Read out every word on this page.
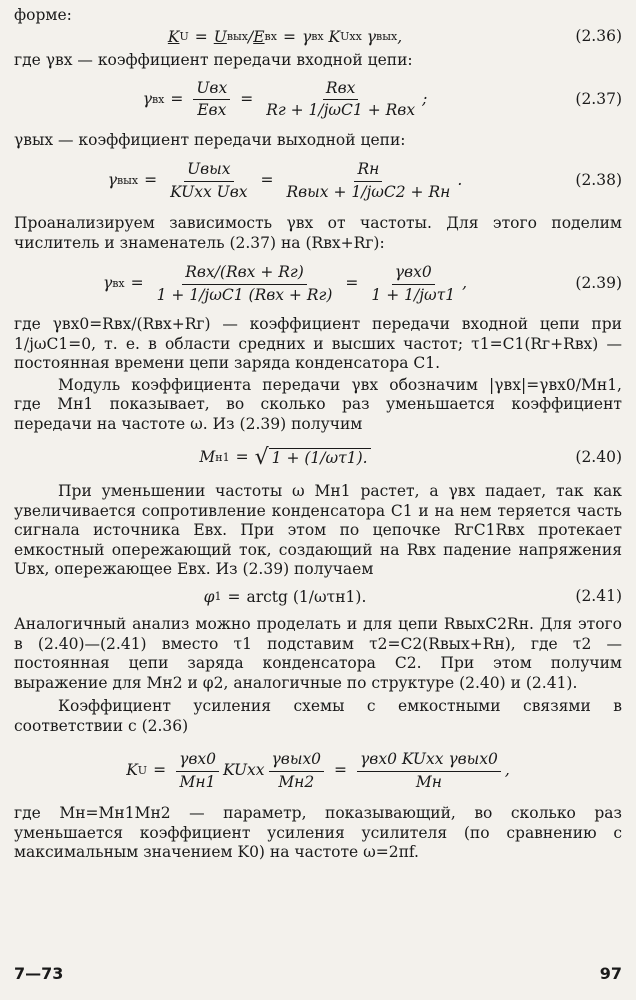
форме:

K U = U вых / E вх = γ вх
K Uхх
γ вых ,	(2.36)

где γвх — коэффициент передачи входной цепи:

γ вх = $\frac{\text{Uвх}}{\text{Eвх}} = \frac{\text{Rвх}}{\text{Rг + 1/jωC1 + Rвх}}$ ;	(2.37)

γвых — коэффициент передачи выходной цепи:

γ вых = $\frac{\text{Uвых}}{\text{KUхх Uвх}} = \frac{Rн}{\text{Rвых + 1/jωC2 + Rн}}$ .	(2.38)

Проанализируем зависимость γвх от частоты. Для этого поделим числитель и знаменатель (2.37) на (Rвх+Rг):

γ вх = $\frac{\text{Rвх/(Rвх + Rг)}}{\text{1 + 1/jωC1 (Rвх + Rг)}} = \frac{\text{γвх0}}{\text{1 + 1/jωτ1}}$ ,	(2.39)

где γвх0=Rвх/(Rвх+Rг) — коэффициент передачи входной цепи при 1/jωC1=0, т. е. в области средних и высших частот; τ1=C1(Rг+Rвх) — постоянная времени цепи заряда конденсатора C1.

Модуль коэффициента передачи γвх обозначим |γвх|=γвх0/Mн1, где Mн1 показывает, во сколько раз уменьшается коэффициент передачи на частоте ω. Из (2.39) получим

M н1 = √ 1 + (1/ωτ1).	(2.40)

При уменьшении частоты ω Mн1 растет, а γвх падает, так как увеличивается сопротивление конденсатора C1 и на нем теряется часть сигнала источника Eвх. При этом по цепочке RгC1Rвх протекает емкостный опережающий ток, создающий на Rвх падение напряжения Uвх, опережающее Eвх. Из (2.39) получаем

φ 1 = arctg (1/ωτн1).	(2.41)

Аналогичный анализ можно проделать и для цепи RвыхC2Rн. Для этого в (2.40)—(2.41) вместо τ1 подставим τ2=C2(Rвых+Rн), где τ2 — постоянная цепи заряда конденсатора C2. При этом получим выражение для Mн2 и φ2, аналогичные по структуре (2.40) и (2.41).

Коэффициент усиления схемы с емкостными связями в соответствии с (2.36)

K $U = \frac{\text{γвх0}}{Mн1}$ KUхх $\frac{\text{γвых0}}{Mн2} = \frac{\text{γвх0 KUхх γвых0}}{Mн}$ ,

где Mн=Mн1Mн2 — параметр, показывающий, во сколько раз уменьшается коэффициент усиления усилителя (по сравнению с максимальным значением K0) на частоте ω=2πf.

7—73	97
